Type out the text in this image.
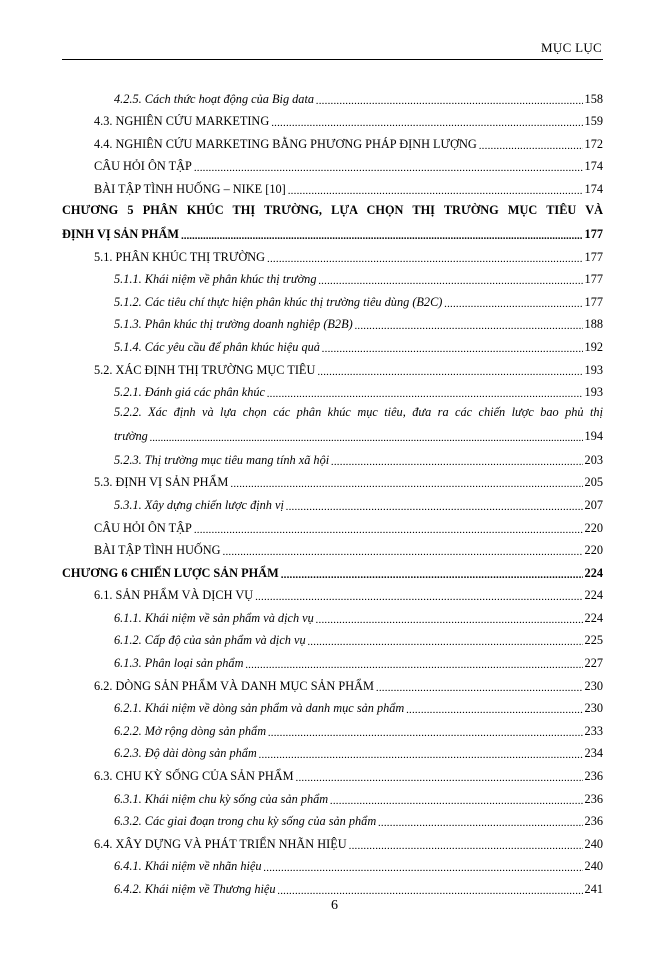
MỤC LỤC
4.2.5. Cách thức hoạt động của Big data .....	158
4.3. NGHIÊN CỨU MARKETING .....	159
4.4. NGHIÊN CỨU MARKETING BẰNG PHƯƠNG PHÁP ĐỊNH LƯỢNG .....	172
CÂU HỎI ÔN TẬP .....	174
BÀI TẬP TÌNH HUỐNG – NIKE [10] .....	174
CHƯƠNG 5 PHÂN KHÚC THỊ TRƯỜNG, LỰA CHỌN THỊ TRƯỜNG MỤC TIÊU VÀ
ĐỊNH VỊ SẢN PHẨM .....	177
5.1. PHÂN KHÚC THỊ TRƯỜNG .....	177
5.1.1. Khái niệm về phân khúc thị trường .....	177
5.1.2. Các tiêu chí thực hiện phân khúc thị trường tiêu dùng (B2C) .....	177
5.1.3. Phân khúc thị trường doanh nghiệp (B2B) .....	188
5.1.4. Các yêu cầu để phân khúc hiệu quả .....	192
5.2. XÁC ĐỊNH THỊ TRƯỜNG MỤC TIÊU .....	193
5.2.1. Đánh giá các phân khúc .....	193
5.2.2. Xác định và lựa chọn các phân khúc mục tiêu, đưa ra các chiến lược bao phủ thị
trường .....	194
5.2.3. Thị trường mục tiêu mang tính xã hội .....	203
5.3. ĐỊNH VỊ SẢN PHẨM .....	205
5.3.1. Xây dựng chiến lược định vị .....	207
CÂU HỎI ÔN TẬP .....	220
BÀI TẬP TÌNH HUỐNG .....	220
CHƯƠNG 6 CHIẾN LƯỢC SẢN PHẨM .....	224
6.1. SẢN PHẨM VÀ DỊCH VỤ .....	224
6.1.1. Khái niệm về sản phẩm và dịch vụ .....	224
6.1.2. Cấp độ của sản phẩm và dịch vụ .....	225
6.1.3. Phân loại sản phẩm .....	227
6.2. DÒNG SẢN PHẨM VÀ DANH MỤC SẢN PHẨM .....	230
6.2.1. Khái niệm về dòng sản phẩm và danh mục sản phẩm .....	230
6.2.2. Mở rộng dòng sản phẩm .....	233
6.2.3. Độ dài dòng sản phẩm .....	234
6.3. CHU KỲ SỐNG CỦA SẢN PHẨM .....	236
6.3.1. Khái niệm chu kỳ sống của sản phẩm .....	236
6.3.2. Các giai đoạn trong chu kỳ sống của sản phẩm .....	236
6.4. XÂY DỰNG VÀ PHÁT TRIỂN NHÃN HIỆU .....	240
6.4.1. Khái niệm về nhãn hiệu .....	240
6.4.2. Khái niệm về Thương hiệu .....	241
6
